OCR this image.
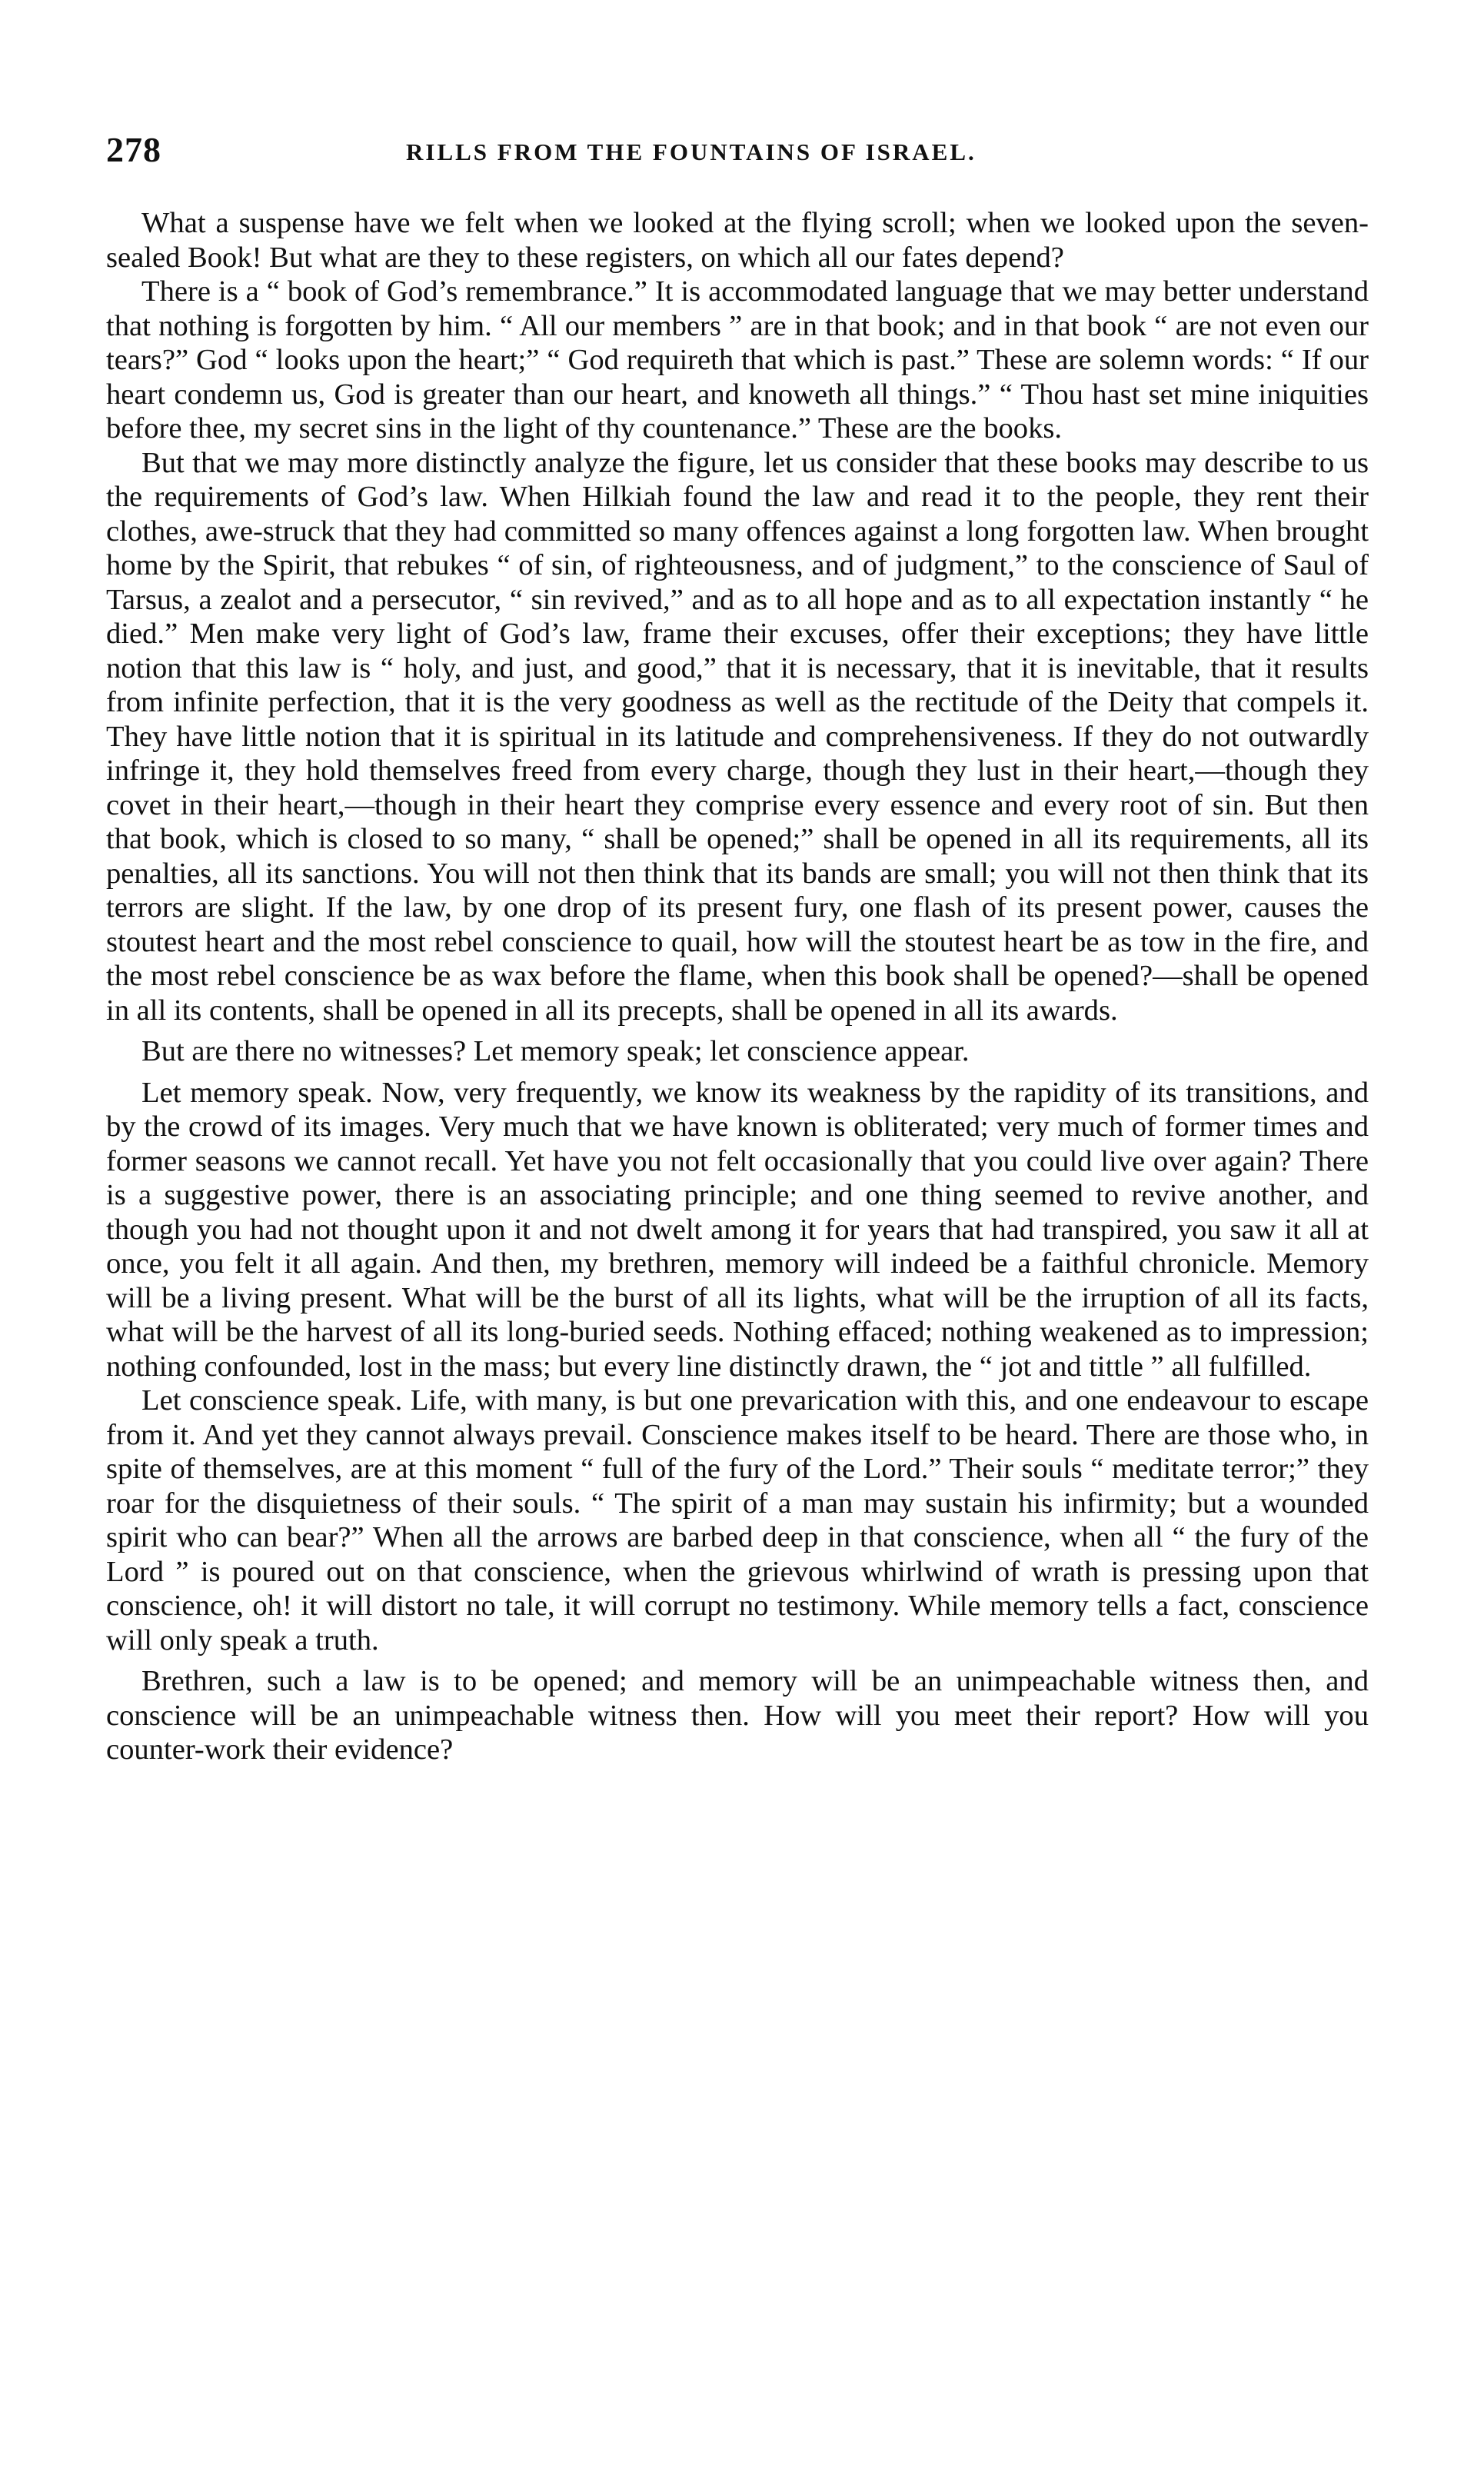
278	RILLS FROM THE FOUNTAINS OF ISRAEL.

What a suspense have we felt when we looked at the flying scroll; when we looked upon the seven-sealed Book! But what are they to these registers, on which all our fates depend?

There is a “ book of God’s remembrance.” It is accommodated language that we may better understand that nothing is forgotten by him. “ All our members ” are in that book; and in that book “ are not even our tears?” God “ looks upon the heart;” “ God requireth that which is past.” These are solemn words: “ If our heart condemn us, God is greater than our heart, and knoweth all things.” “ Thou hast set mine iniquities before thee, my secret sins in the light of thy countenance.” These are the books.

But that we may more distinctly analyze the figure, let us consider that these books may describe to us the requirements of God’s law. When Hilkiah found the law and read it to the people, they rent their clothes, awe-struck that they had committed so many offences against a long forgotten law. When brought home by the Spirit, that rebukes “ of sin, of righteousness, and of judgment,” to the conscience of Saul of Tarsus, a zealot and a persecutor, “ sin revived,” and as to all hope and as to all expectation instantly “ he died.” Men make very light of God’s law, frame their excuses, offer their exceptions; they have little notion that this law is “ holy, and just, and good,” that it is necessary, that it is inevitable, that it results from infinite perfection, that it is the very goodness as well as the rectitude of the Deity that compels it. They have little notion that it is spiritual in its latitude and comprehensiveness. If they do not outwardly infringe it, they hold themselves freed from every charge, though they lust in their heart,—though they covet in their heart,—though in their heart they comprise every essence and every root of sin. But then that book, which is closed to so many, “ shall be opened;” shall be opened in all its requirements, all its penalties, all its sanctions. You will not then think that its bands are small; you will not then think that its terrors are slight. If the law, by one drop of its present fury, one flash of its present power, causes the stoutest heart and the most rebel conscience to quail, how will the stoutest heart be as tow in the fire, and the most rebel conscience be as wax before the flame, when this book shall be opened?—shall be opened in all its contents, shall be opened in all its precepts, shall be opened in all its awards.

But are there no witnesses? Let memory speak; let conscience appear.

Let memory speak. Now, very frequently, we know its weakness by the rapidity of its transitions, and by the crowd of its images. Very much that we have known is obliterated; very much of former times and former seasons we cannot recall. Yet have you not felt occasionally that you could live over again? There is a suggestive power, there is an associating principle; and one thing seemed to revive another, and though you had not thought upon it and not dwelt among it for years that had transpired, you saw it all at once, you felt it all again. And then, my brethren, memory will indeed be a faithful chronicle. Memory will be a living present. What will be the burst of all its lights, what will be the irruption of all its facts, what will be the harvest of all its long-buried seeds. Nothing effaced; nothing weakened as to impression; nothing confounded, lost in the mass; but every line distinctly drawn, the “ jot and tittle ” all fulfilled.

Let conscience speak. Life, with many, is but one prevarication with this, and one endeavour to escape from it. And yet they cannot always prevail. Conscience makes itself to be heard. There are those who, in spite of themselves, are at this moment “ full of the fury of the Lord.” Their souls “ meditate terror;” they roar for the disquietness of their souls. “ The spirit of a man may sustain his infirmity; but a wounded spirit who can bear?” When all the arrows are barbed deep in that conscience, when all “ the fury of the Lord ” is poured out on that conscience, when the grievous whirlwind of wrath is pressing upon that conscience, oh! it will distort no tale, it will corrupt no testimony. While memory tells a fact, conscience will only speak a truth.

Brethren, such a law is to be opened; and memory will be an unimpeachable witness then, and conscience will be an unimpeachable witness then. How will you meet their report? How will you counter-work their evidence?
